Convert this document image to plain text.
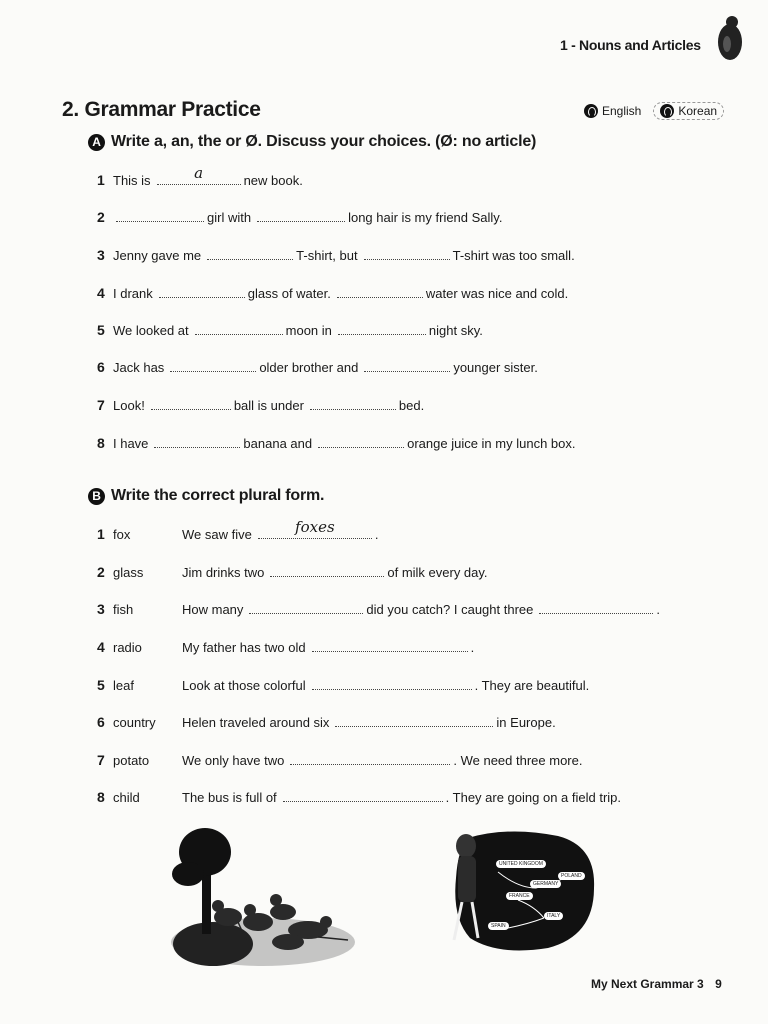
1 - Nouns and Articles
2. Grammar Practice	English	Korean
A Write a, an, the or Ø. Discuss your choices. (Ø: no article)
1 This is	a	new book.
2	girl with	long hair is my friend Sally.
3 Jenny gave me	T-shirt, but	T-shirt was too small.
4 I drank	glass of water.	water was nice and cold.
5 We looked at	moon in	night sky.
6 Jack has	older brother and	younger sister.
7 Look!	ball is under	bed.
8 I have	banana and	orange juice in my lunch box.
B Write the correct plural form.
1 fox	We saw five	foxes	.
2 glass	Jim drinks two	of milk every day.
3 fish	How many	did you catch? I caught three	.
4 radio	My father has two old	.
5 leaf	Look at those colorful	. They are beautiful.
6 country	Helen traveled around six	in Europe.
7 potato	We only have two	. We need three more.
8 child	The bus is full of	. They are going on a field trip.
UNITED KINGDOM
GERMANY
POLAND
FRANCE
ITALY
SPAIN
My Next Grammar 3 9
